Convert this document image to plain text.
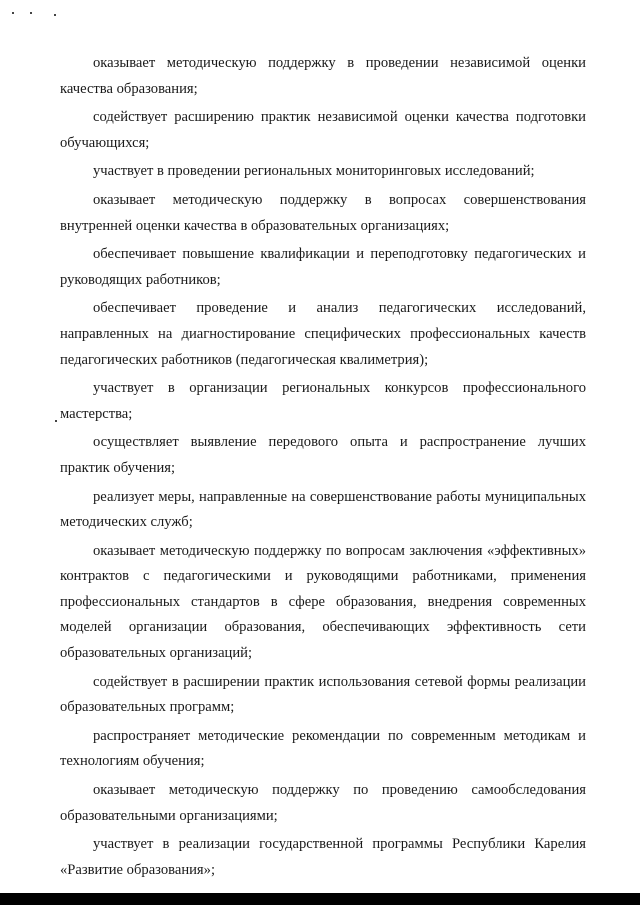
оказывает методическую поддержку в проведении независимой оценки качества образования;

содействует расширению практик независимой оценки качества подготовки обучающихся;

участвует в проведении региональных мониторинговых исследований;

оказывает методическую поддержку в вопросах совершенствования внутренней оценки качества в образовательных организациях;

обеспечивает повышение квалификации и переподготовку педагогических и руководящих работников;

обеспечивает проведение и анализ педагогических исследований, направленных на диагностирование специфических профессиональных качеств педагогических работников (педагогическая квалиметрия);

участвует в организации региональных конкурсов профессионального мастерства;

осуществляет выявление передового опыта и распространение лучших практик обучения;

реализует меры, направленные на совершенствование работы муниципальных методических служб;

оказывает методическую поддержку по вопросам заключения «эффективных» контрактов с педагогическими и руководящими работниками, применения профессиональных стандартов в сфере образования, внедрения современных моделей организации образования, обеспечивающих эффективность сети образовательных организаций;

содействует в расширении практик использования сетевой формы реализации образовательных программ;

распространяет методические рекомендации по современным методикам и технологиям обучения;

оказывает методическую поддержку по проведению самообследования образовательными организациями;

участвует в реализации государственной программы Республики Карелия «Развитие образования»;
